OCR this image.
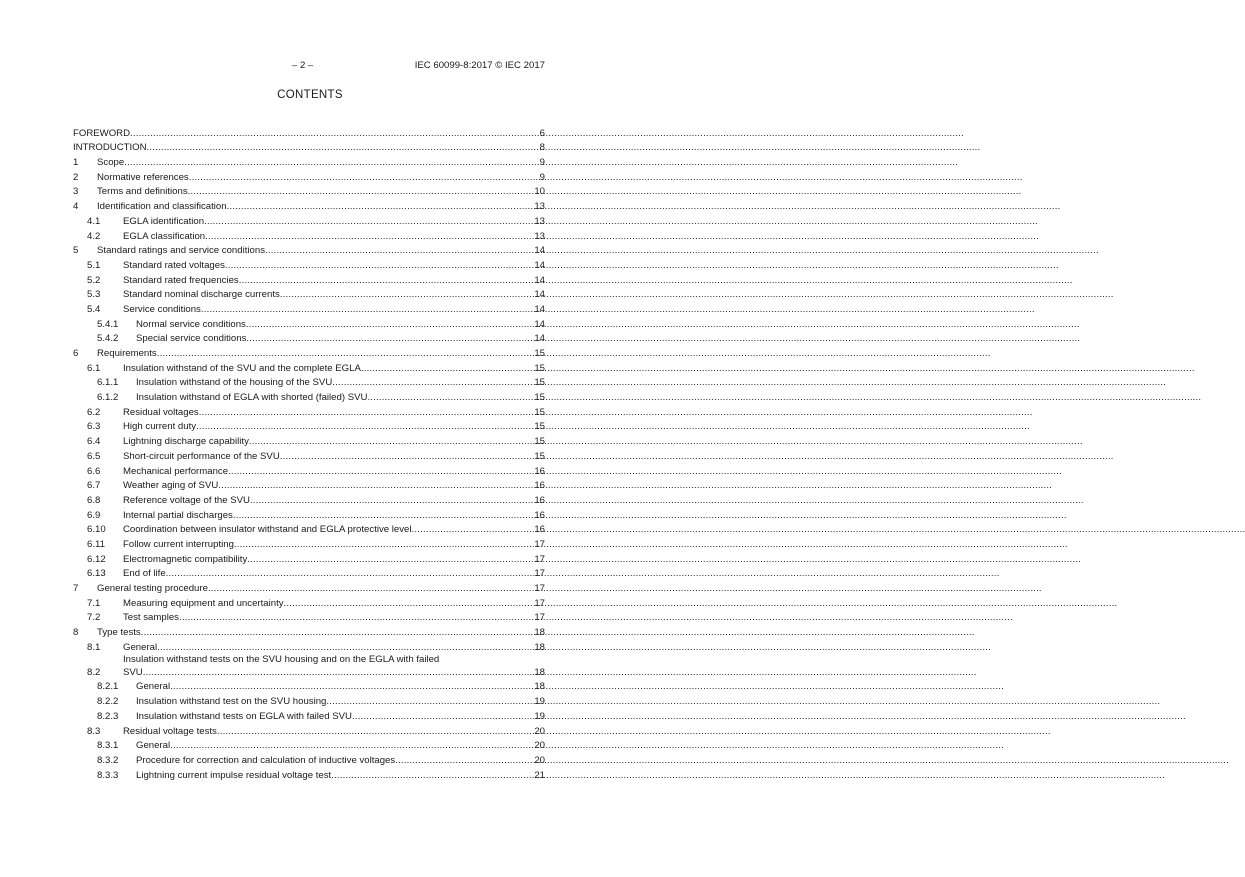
– 2 –	IEC 60099-8:2017 © IEC 2017
CONTENTS
FOREWORD .....	6
INTRODUCTION .....	8
1	Scope .....	9
2	Normative references .....	9
3	Terms and definitions .....	10
4	Identification and classification .....	13
4.1	EGLA identification .....	13
4.2	EGLA classification .....	13
5	Standard ratings and service conditions .....	14
5.1	Standard rated voltages .....	14
5.2	Standard rated frequencies .....	14
5.3	Standard nominal discharge currents .....	14
5.4	Service conditions .....	14
5.4.1	Normal service conditions .....	14
5.4.2	Special service conditions .....	14
6	Requirements .....	15
6.1	Insulation withstand of the SVU and the complete EGLA .....	15
6.1.1	Insulation withstand of the housing of the SVU .....	15
6.1.2	Insulation withstand of EGLA with shorted (failed) SVU .....	15
6.2	Residual voltages .....	15
6.3	High current duty .....	15
6.4	Lightning discharge capability .....	15
6.5	Short-circuit performance of the SVU .....	15
6.6	Mechanical performance .....	16
6.7	Weather aging of SVU .....	16
6.8	Reference voltage of the SVU .....	16
6.9	Internal partial discharges .....	16
6.10	Coordination between insulator withstand and EGLA protective level .....	16
6.11	Follow current interrupting .....	17
6.12	Electromagnetic compatibility .....	17
6.13	End of life .....	17
7	General testing procedure .....	17
7.1	Measuring equipment and uncertainty .....	17
7.2	Test samples .....	17
8	Type tests .....	18
8.1	General .....	18
8.2
Insulation withstand tests on the SVU housing and on the EGLA with failed
SVU .....	18
8.2.1	General .....	18
8.2.2	Insulation withstand test on the SVU housing .....	19
8.2.3	Insulation withstand tests on EGLA with failed SVU .....	19
8.3	Residual voltage tests .....	20
8.3.1	General .....	20
8.3.2	Procedure for correction and calculation of inductive voltages .....	20
8.3.3	Lightning current impulse residual voltage test .....	21
